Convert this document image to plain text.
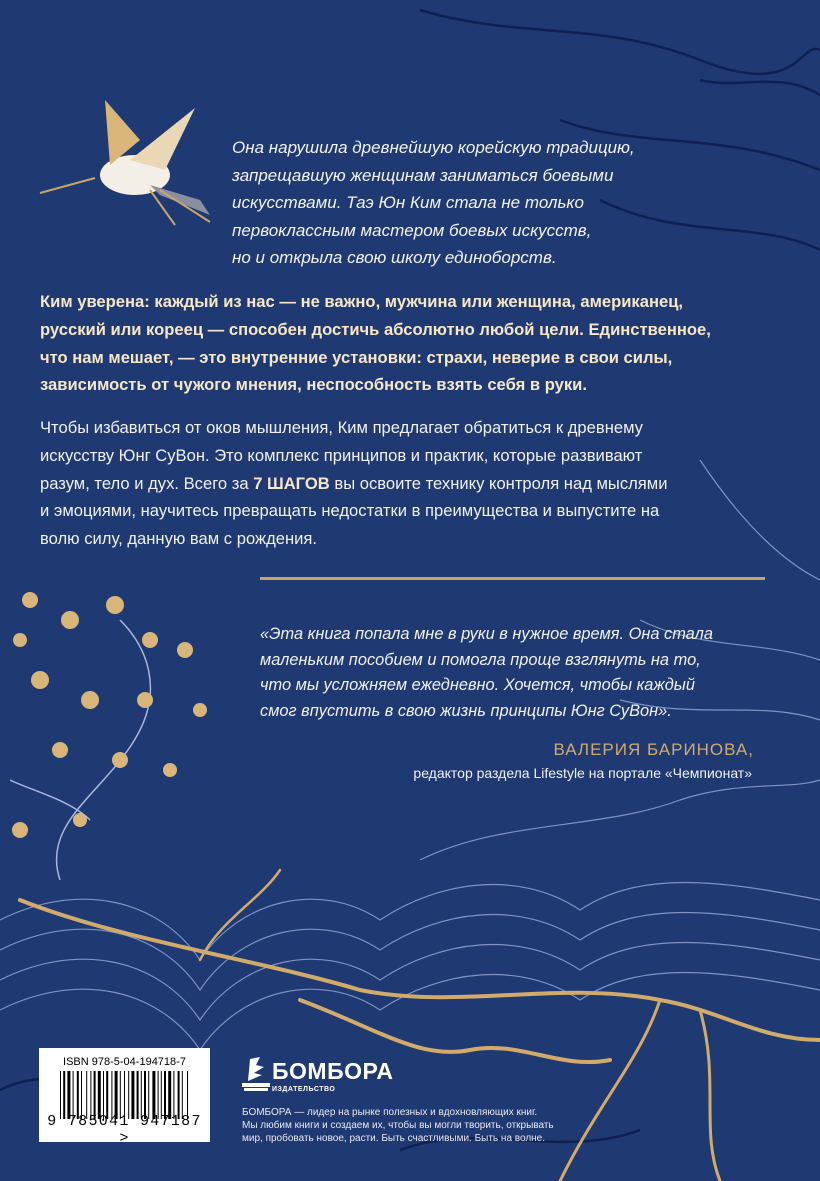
Она нарушила древнейшую корейскую традицию,
запрещавшую женщинам заниматься боевыми
искусствами. Таэ Юн Ким стала не только
первоклассным мастером боевых искусств,
но и открыла свою школу единоборств.
Ким уверена: каждый из нас — не важно, мужчина или женщина, американец,
русский или кореец — способен достичь абсолютно любой цели. Единственное,
что нам мешает, — это внутренние установки: страхи, неверие в свои силы,
зависимость от чужого мнения, неспособность взять себя в руки.
Чтобы избавиться от оков мышления, Ким предлагает обратиться к древнему
искусству Юнг СуВон. Это комплекс принципов и практик, которые развивают
разум, тело и дух. Всего за 7 ШАГОВ вы освоите технику контроля над мыслями
и эмоциями, научитесь превращать недостатки в преимущества и выпустите на
волю силу, данную вам с рождения.
«Эта книга попала мне в руки в нужное время. Она стала
маленьким пособием и помогла проще взглянуть на то,
что мы усложняем ежедневно. Хочется, чтобы каждый
смог впустить в свою жизнь принципы Юнг СуВон».
ВАЛЕРИЯ БАРИНОВА,
редактор раздела Lifestyle на портале «Чемпионат»
ISBN 978-5-04-194718-7
9 785041 947187 >
БОМБОРА
ИЗДАТЕЛЬСТВО
БОМБОРА — лидер на рынке полезных и вдохновляющих книг.
Мы любим книги и создаем их, чтобы вы могли творить, открывать
мир, пробовать новое, расти. Быть счастливыми. Быть на волне.
